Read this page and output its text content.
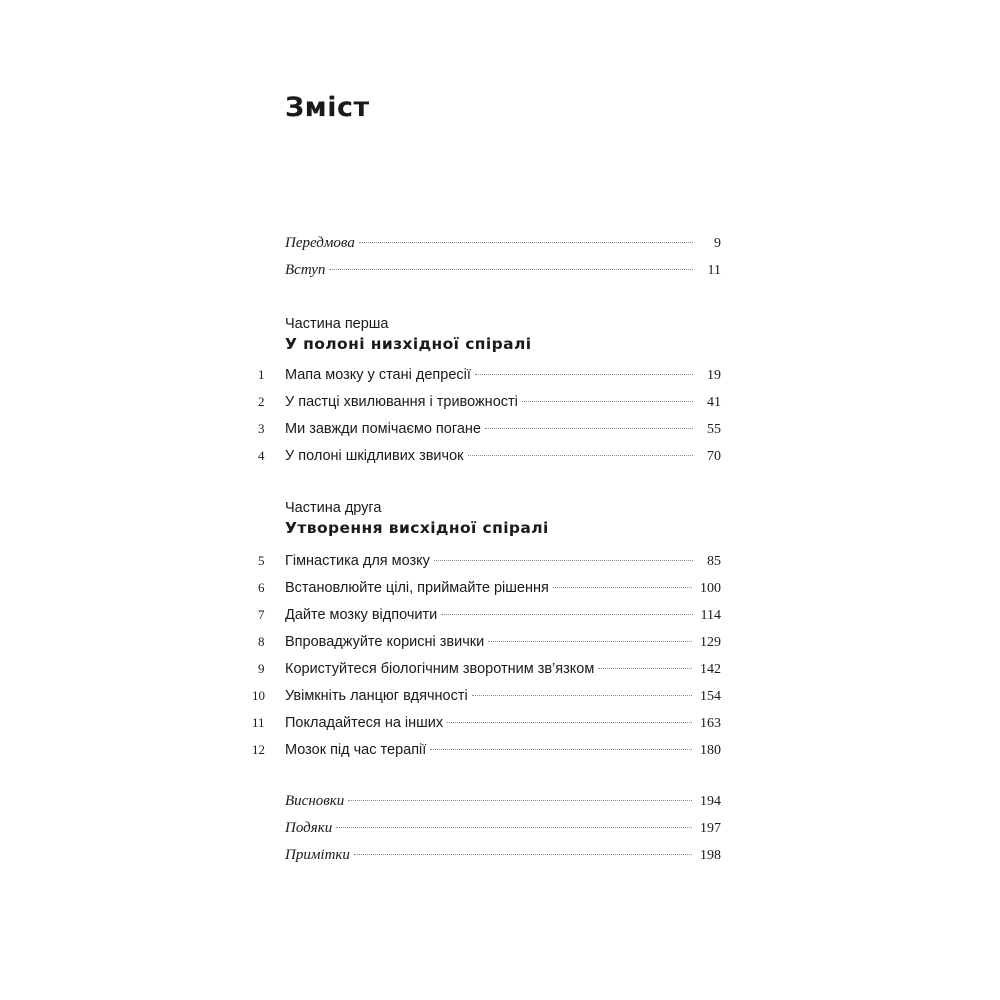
Зміст
Передмова	9
Вступ	11
Частина перша
У полоні низхідної спіралі
1	Мапа мозку у стані депресії	19
2	У пастці хвилювання і тривожності	41
3	Ми завжди помічаємо погане	55
4	У полоні шкідливих звичок	70
Частина друга
Утворення висхідної спіралі
5	Гімнастика для мозку	85
6	Встановлюйте цілі, приймайте рішення	100
7	Дайте мозку відпочити	114
8	Впроваджуйте корисні звички	129
9	Користуйтеся біологічним зворотним зв’язком	142
10	Увімкніть ланцюг вдячності	154
11	Покладайтеся на інших	163
12	Мозок під час терапії	180
Висновки	194
Подяки	197
Примітки	198
